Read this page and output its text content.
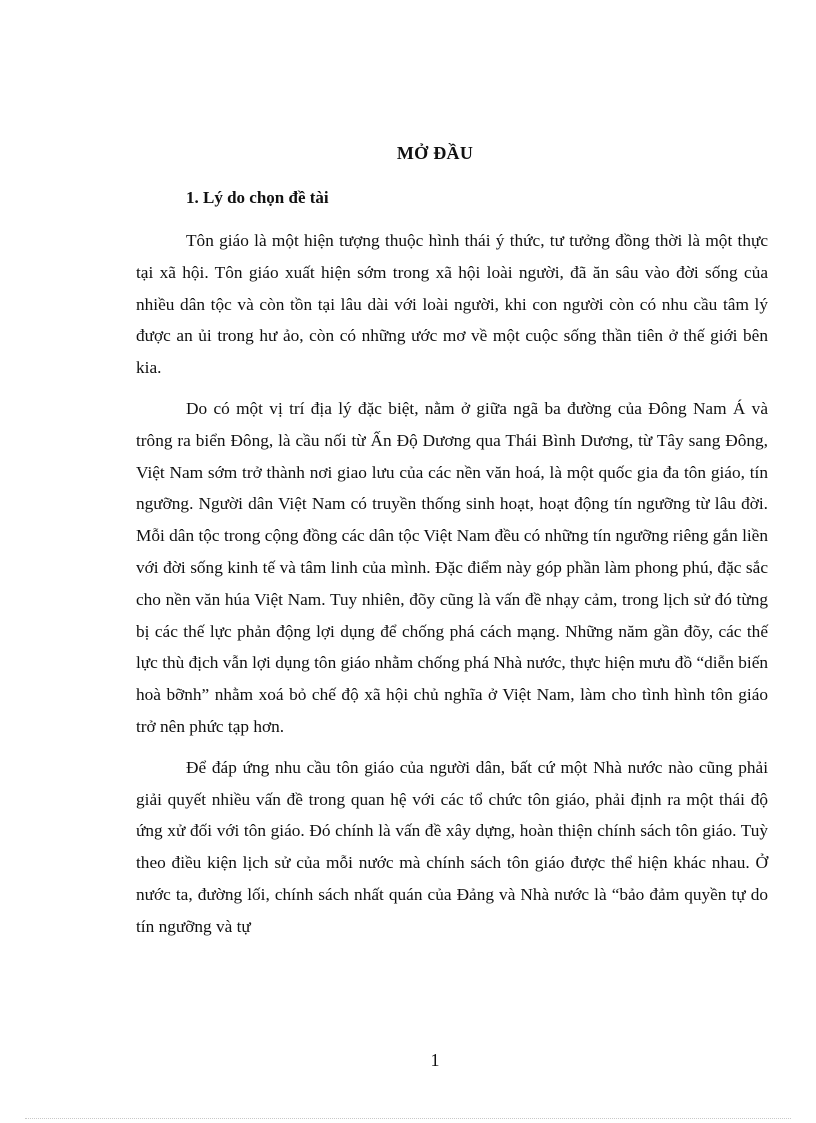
MỞ ĐẦU
1. Lý do chọn đề tài

Tôn giáo là một hiện tượng thuộc hình thái ý thức, tư tưởng đồng thời là một thực tại xã hội. Tôn giáo xuất hiện sớm trong xã hội loài người, đã ăn sâu vào đời sống của nhiều dân tộc và còn tồn tại lâu dài với loài người, khi con người còn có nhu cầu tâm lý được an ủi trong hư ảo, còn có những ước mơ về một cuộc sống thần tiên ở thế giới bên kia.

Do có một vị trí địa lý đặc biệt, nằm ở giữa ngã ba đường của Đông Nam Á và trông ra biển Đông, là cầu nối từ Ấn Độ Dương qua Thái Bình Dương, từ Tây sang Đông, Việt Nam sớm trở thành nơi giao lưu của các nền văn hoá, là một quốc gia đa tôn giáo, tín ngưỡng. Người dân Việt Nam có truyền thống sinh hoạt, hoạt động tín ngưỡng từ lâu đời. Mỗi dân tộc trong cộng đồng các dân tộc Việt Nam đều có những tín ngưỡng riêng gắn liền với đời sống kinh tế và tâm linh của mình. Đặc điểm này góp phần làm phong phú, đặc sắc cho nền văn húa Việt Nam. Tuy nhiên, đõy cũng là vấn đề nhạy cảm, trong lịch sử đó từng bị các thế lực phản động lợi dụng để chống phá cách mạng. Những năm gần đõy, các thế lực thù địch vẫn lợi dụng tôn giáo nhằm chống phá Nhà nước, thực hiện mưu đồ “diễn biến hoà bỡnh” nhằm xoá bỏ chế độ xã hội chủ nghĩa ở Việt Nam, làm cho tình hình tôn giáo trở nên phức tạp hơn.

Để đáp ứng nhu cầu tôn giáo của người dân, bất cứ một Nhà nước nào cũng phải giải quyết nhiều vấn đề trong quan hệ với các tổ chức tôn giáo, phải định ra một thái độ ứng xử đối với tôn giáo. Đó chính là vấn đề xây dựng, hoàn thiện chính sách tôn giáo. Tuỳ theo điều kiện lịch sử của mỗi nước mà chính sách tôn giáo được thể hiện khác nhau. Ở nước ta, đường lối, chính sách nhất quán của Đảng và Nhà nước là “bảo đảm quyền tự do tín ngưỡng và tự

1
